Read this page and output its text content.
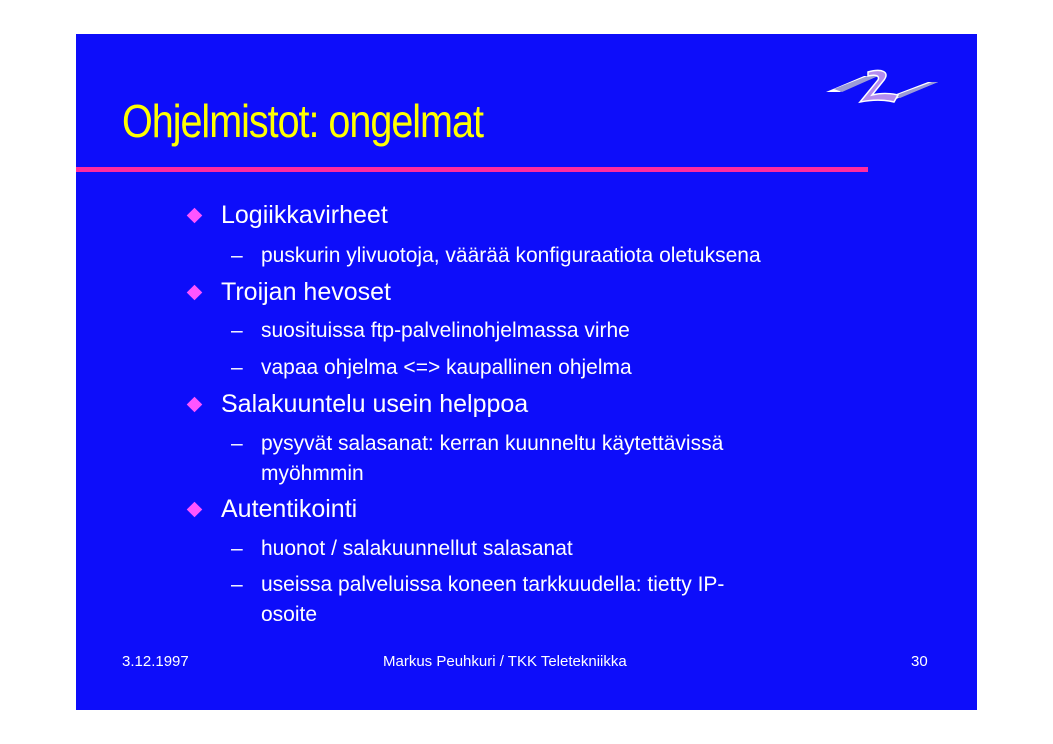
Ohjelmistot: ongelmat
Logiikkavirheet
– puskurin ylivuotoja, väärää konfiguraatiota oletuksena
Troijan hevoset
– suosituissa ftp-palvelinohjelmassa virhe
– vapaa ohjelma <=> kaupallinen ohjelma
Salakuuntelu usein helppoa
– pysyvät salasanat: kerran kuunneltu käytettävissä
myöhmmin
Autentikointi
– huonot / salakuunnellut salasanat
– useissa palveluissa koneen tarkkuudella: tietty IP-
osoite
3.12.1997	Markus Peuhkuri / TKK Teletekniikka	30
